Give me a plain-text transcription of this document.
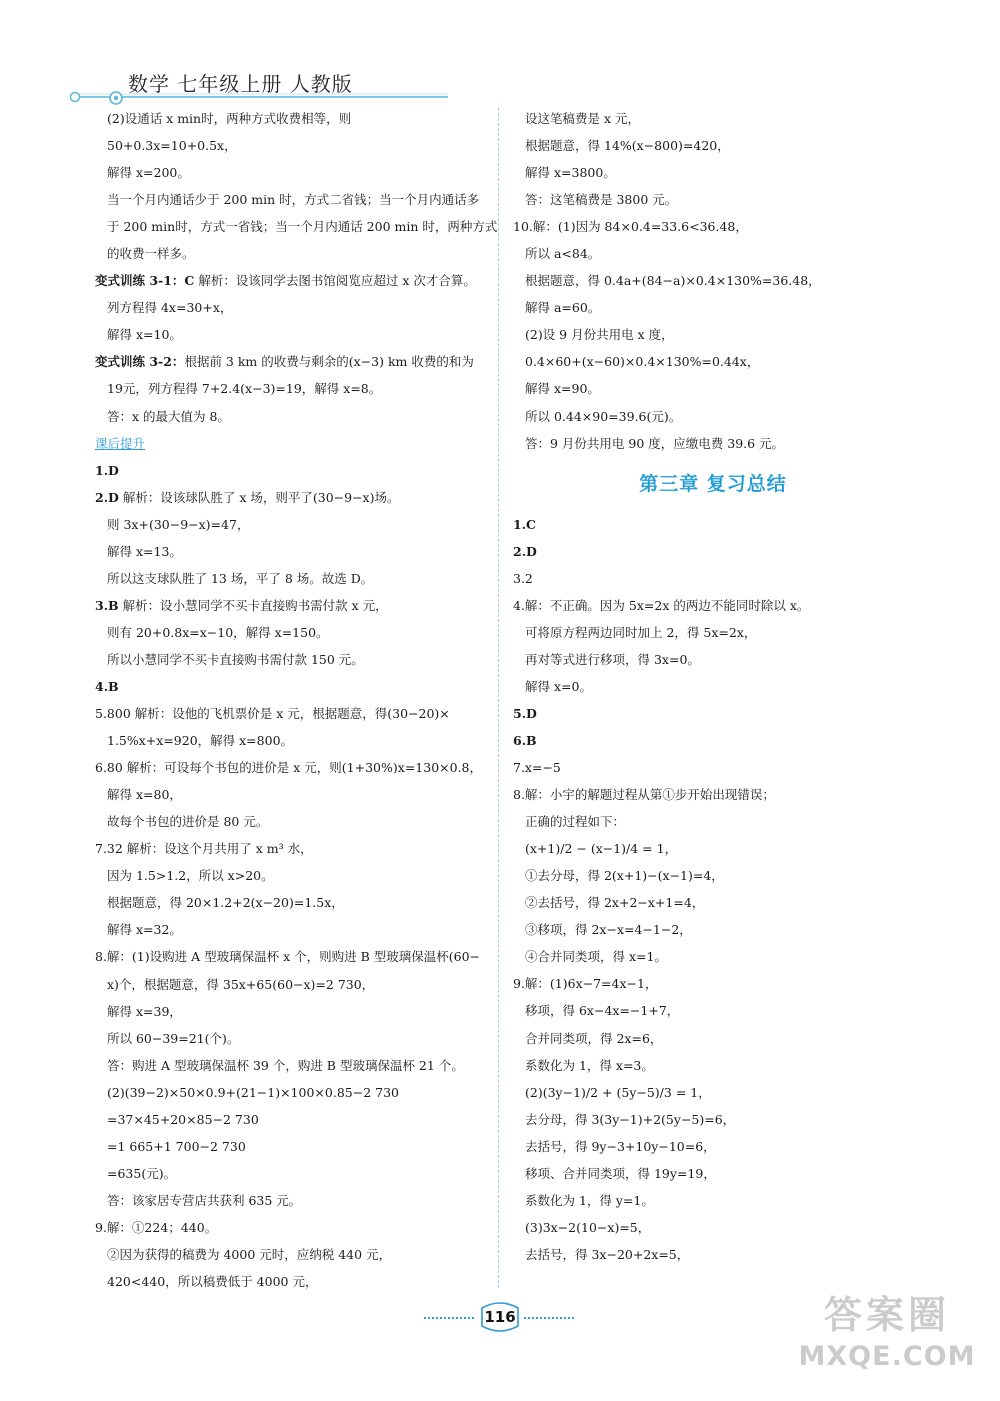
数学 七年级上册 人教版
(2)设通话 x min时，两种方式收费相等，则
50+0.3x=10+0.5x，
解得 x=200。
当一个月内通话少于 200 min 时，方式二省钱；当一个月内通话多
于 200 min时，方式一省钱；当一个月内通话 200 min 时，两种方式
的收费一样多。
变式训练 3-1：C 解析：设该同学去图书馆阅览应超过 x 次才合算。
列方程得 4x=30+x，
解得 x=10。
变式训练 3-2：根据前 3 km 的收费与剩余的(x−3) km 收费的和为
19元，列方程得 7+2.4(x−3)=19，解得 x=8。
答：x 的最大值为 8。
课后提升
1.D
2.D 解析：设该球队胜了 x 场，则平了(30−9−x)场。
则 3x+(30−9−x)=47，
解得 x=13。
所以这支球队胜了 13 场，平了 8 场。故选 D。
3.B 解析：设小慧同学不买卡直接购书需付款 x 元，
则有 20+0.8x=x−10，解得 x=150。
所以小慧同学不买卡直接购书需付款 150 元。
4.B
5.800 解析：设他的飞机票价是 x 元，根据题意，得(30−20)×
1.5%x+x=920，解得 x=800。
6.80 解析：可设每个书包的进价是 x 元，则(1+30%)x=130×0.8，
解得 x=80，
故每个书包的进价是 80 元。
7.32 解析：设这个月共用了 x m³ 水，
因为 1.5>1.2，所以 x>20。
根据题意，得 20×1.2+2(x−20)=1.5x，
解得 x=32。
8.解：(1)设购进 A 型玻璃保温杯 x 个，则购进 B 型玻璃保温杯(60−
x)个，根据题意，得 35x+65(60−x)=2 730，
解得 x=39，
所以 60−39=21(个)。
答：购进 A 型玻璃保温杯 39 个，购进 B 型玻璃保温杯 21 个。
(2)(39−2)×50×0.9+(21−1)×100×0.85−2 730
=37×45+20×85−2 730
=1 665+1 700−2 730
=635(元)。
答：该家居专营店共获利 635 元。
9.解：①224；440。
②因为获得的稿费为 4000 元时，应纳税 440 元，
420<440，所以稿费低于 4000 元，
设这笔稿费是 x 元，
根据题意，得 14%(x−800)=420，
解得 x=3800。
答：这笔稿费是 3800 元。
10.解：(1)因为 84×0.4=33.6<36.48，
所以 a<84。
根据题意，得 0.4a+(84−a)×0.4×130%=36.48，
解得 a=60。
(2)设 9 月份共用电 x 度，
0.4×60+(x−60)×0.4×130%=0.44x，
解得 x=90。
所以 0.44×90=39.6(元)。
答：9 月份共用电 90 度，应缴电费 39.6 元。
第三章 复习总结
1.C
2.D
3.2
4.解：不正确。因为 5x=2x 的两边不能同时除以 x。
可将原方程两边同时加上 2，得 5x=2x，
再对等式进行移项，得 3x=0。
解得 x=0。
5.D
6.B
7.x=−5
8.解：小宇的解题过程从第①步开始出现错误；
正确的过程如下：
(x+1)/2 − (x−1)/4 = 1，
①去分母，得 2(x+1)−(x−1)=4，
②去括号，得 2x+2−x+1=4，
③移项，得 2x−x=4−1−2，
④合并同类项，得 x=1。
9.解：(1)6x−7=4x−1，
移项，得 6x−4x=−1+7，
合并同类项，得 2x=6，
系数化为 1，得 x=3。
(2)(3y−1)/2 + (5y−5)/3 = 1，
去分母，得 3(3y−1)+2(5y−5)=6，
去括号，得 9y−3+10y−10=6，
移项、合并同类项，得 19y=19，
系数化为 1，得 y=1。
(3)3x−2(10−x)=5，
去括号，得 3x−20+2x=5，
116	答案圈
MXQE.COM
